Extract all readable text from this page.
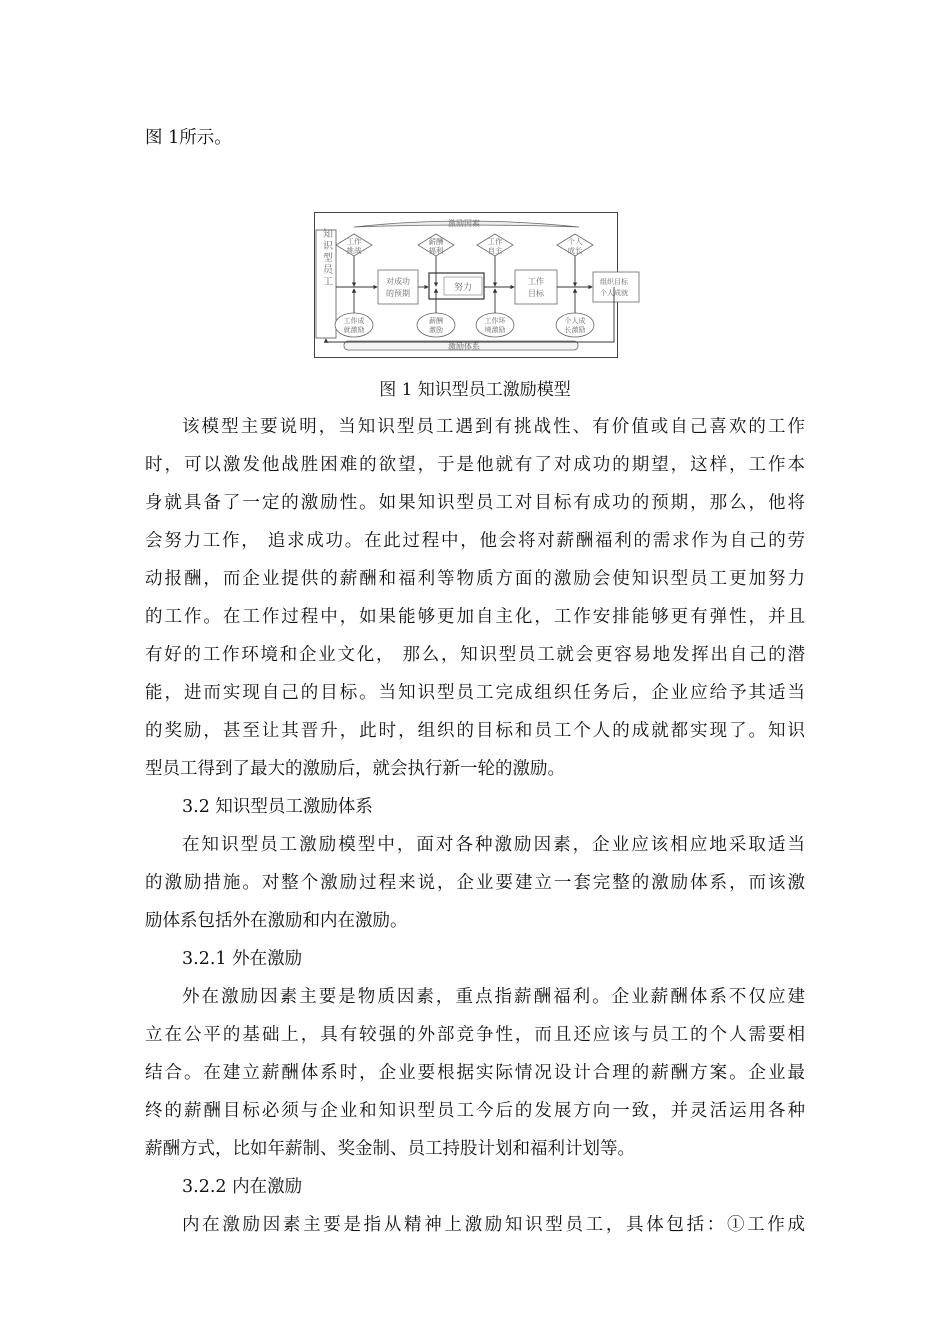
图 1所示。
激励因素
激励体系
知识型员工 工作
挑战
薪酬
福利
工作
自主
个人
成长
对成功
的预期
努力
工作
目标
组织目标
个人成就
工作成
就激励
薪酬
激励
工作环
境激励
个人成
长激励
图 1 知识型员工激励模型
该模型主要说明，当知识型员工遇到有挑战性、有价值或自己喜欢的工作
时，可以激发他战胜困难的欲望，于是他就有了对成功的期望，这样，工作本
身就具备了一定的激励性。如果知识型员工对目标有成功的预期，那么，他将
会努力工作， 追求成功。在此过程中，他会将对薪酬福利的需求作为自己的劳
动报酬，而企业提供的薪酬和福利等物质方面的激励会使知识型员工更加努力
的工作。在工作过程中，如果能够更加自主化，工作安排能够更有弹性，并且
有好的工作环境和企业文化， 那么，知识型员工就会更容易地发挥出自己的潜
能，进而实现自己的目标。当知识型员工完成组织任务后，企业应给予其适当
的奖励，甚至让其晋升，此时，组织的目标和员工个人的成就都实现了。知识
型员工得到了最大的激励后，就会执行新一轮的激励。
3.2 知识型员工激励体系
在知识型员工激励模型中，面对各种激励因素，企业应该相应地采取适当
的激励措施。对整个激励过程来说，企业要建立一套完整的激励体系，而该激
励体系包括外在激励和内在激励。
3.2.1 外在激励
外在激励因素主要是物质因素，重点指薪酬福利。企业薪酬体系不仅应建
立在公平的基础上，具有较强的外部竞争性，而且还应该与员工的个人需要相
结合。在建立薪酬体系时，企业要根据实际情况设计合理的薪酬方案。企业最
终的薪酬目标必须与企业和知识型员工今后的发展方向一致，并灵活运用各种
薪酬方式，比如年薪制、奖金制、员工持股计划和福利计划等。
3.2.2 内在激励
内在激励因素主要是指从精神上激励知识型员工，具体包括：①工作成
